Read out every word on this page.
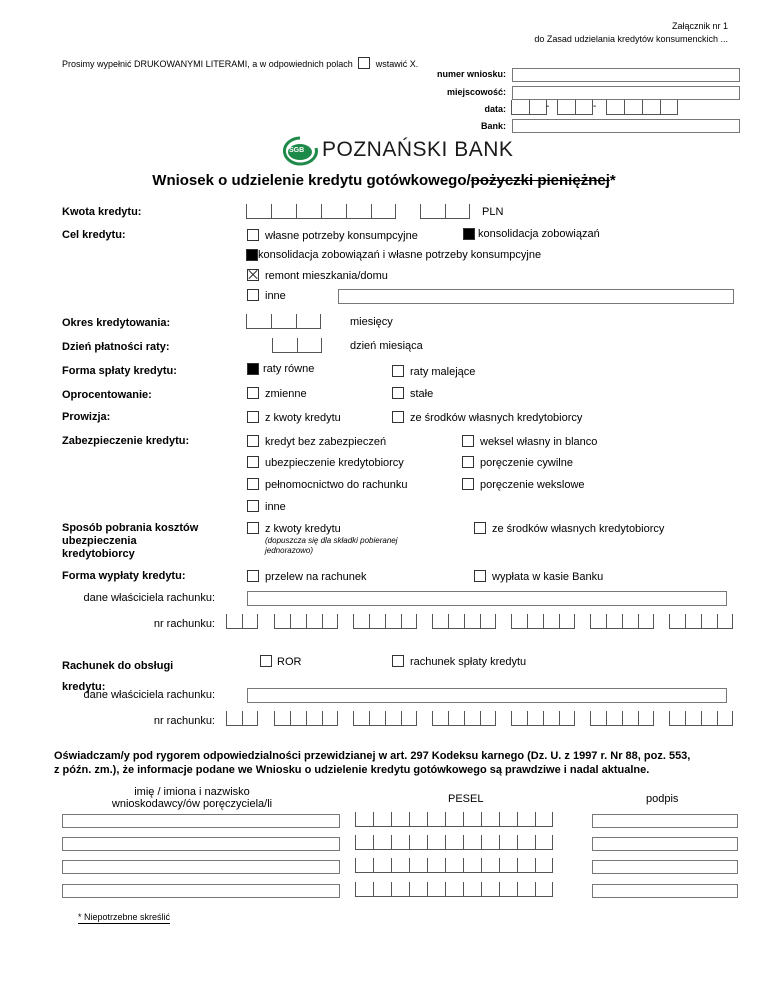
Załącznik nr 1
do Zasad udzielania kredytów konsumenckich ...
Prosimy wypełnić DRUKOWANYMI LITERAMI, a w odpowiednich polach	wstawić X.
numer wniosku:
miejscowość:
data:	-	-
Bank:
SGB POZNAŃSKI BANK
Wniosek o udzielenie kredytu gotówkowego/pożyczki pieniężnej*
Kwota kredytu:	PLN
Cel kredytu:	własne potrzeby konsumpcyjne	konsolidacja zobowiązań
konsolidacja zobowiązań i własne potrzeby konsumpcyjne
remont mieszkania/domu
inne
Okres kredytowania:	miesięcy
Dzień płatności raty:	dzień miesiąca
Forma spłaty kredytu:	raty równe	raty malejące
Oprocentowanie:	zmienne	stałe
Prowizja:	z kwoty kredytu	ze środków własnych kredytobiorcy
Zabezpieczenie kredytu:	kredyt bez zabezpieczeń	weksel własny in blanco
ubezpieczenie kredytobiorcy	poręczenie cywilne
pełnomocnictwo do rachunku	poręczenie wekslowe
inne
Sposób pobrania kosztów
ubezpieczenia
kredytobiorcy
z kwoty kredytu
(dopuszcza się dla składki pobieranej
jednorazowo)
ze środków własnych kredytobiorcy
Forma wypłaty kredytu:	przelew na rachunek	wypłata w kasie Banku
dane właściciela rachunku:
nr rachunku:
Rachunek do obsługi
kredytu:
ROR	rachunek spłaty kredytu
dane właściciela rachunku:
nr rachunku:
Oświadczam/y pod rygorem odpowiedzialności przewidzianej w art. 297 Kodeksu karnego (Dz. U. z 1997 r. Nr 88, poz. 553,
z późn. zm.), że informacje podane we Wniosku o udzielenie kredytu gotówkowego są prawdziwe i nadal aktualne.
imię / imiona i nazwisko
wnioskodawcy/ów poręczyciela/li	PESEL	podpis
* Niepotrzebne skreślić
